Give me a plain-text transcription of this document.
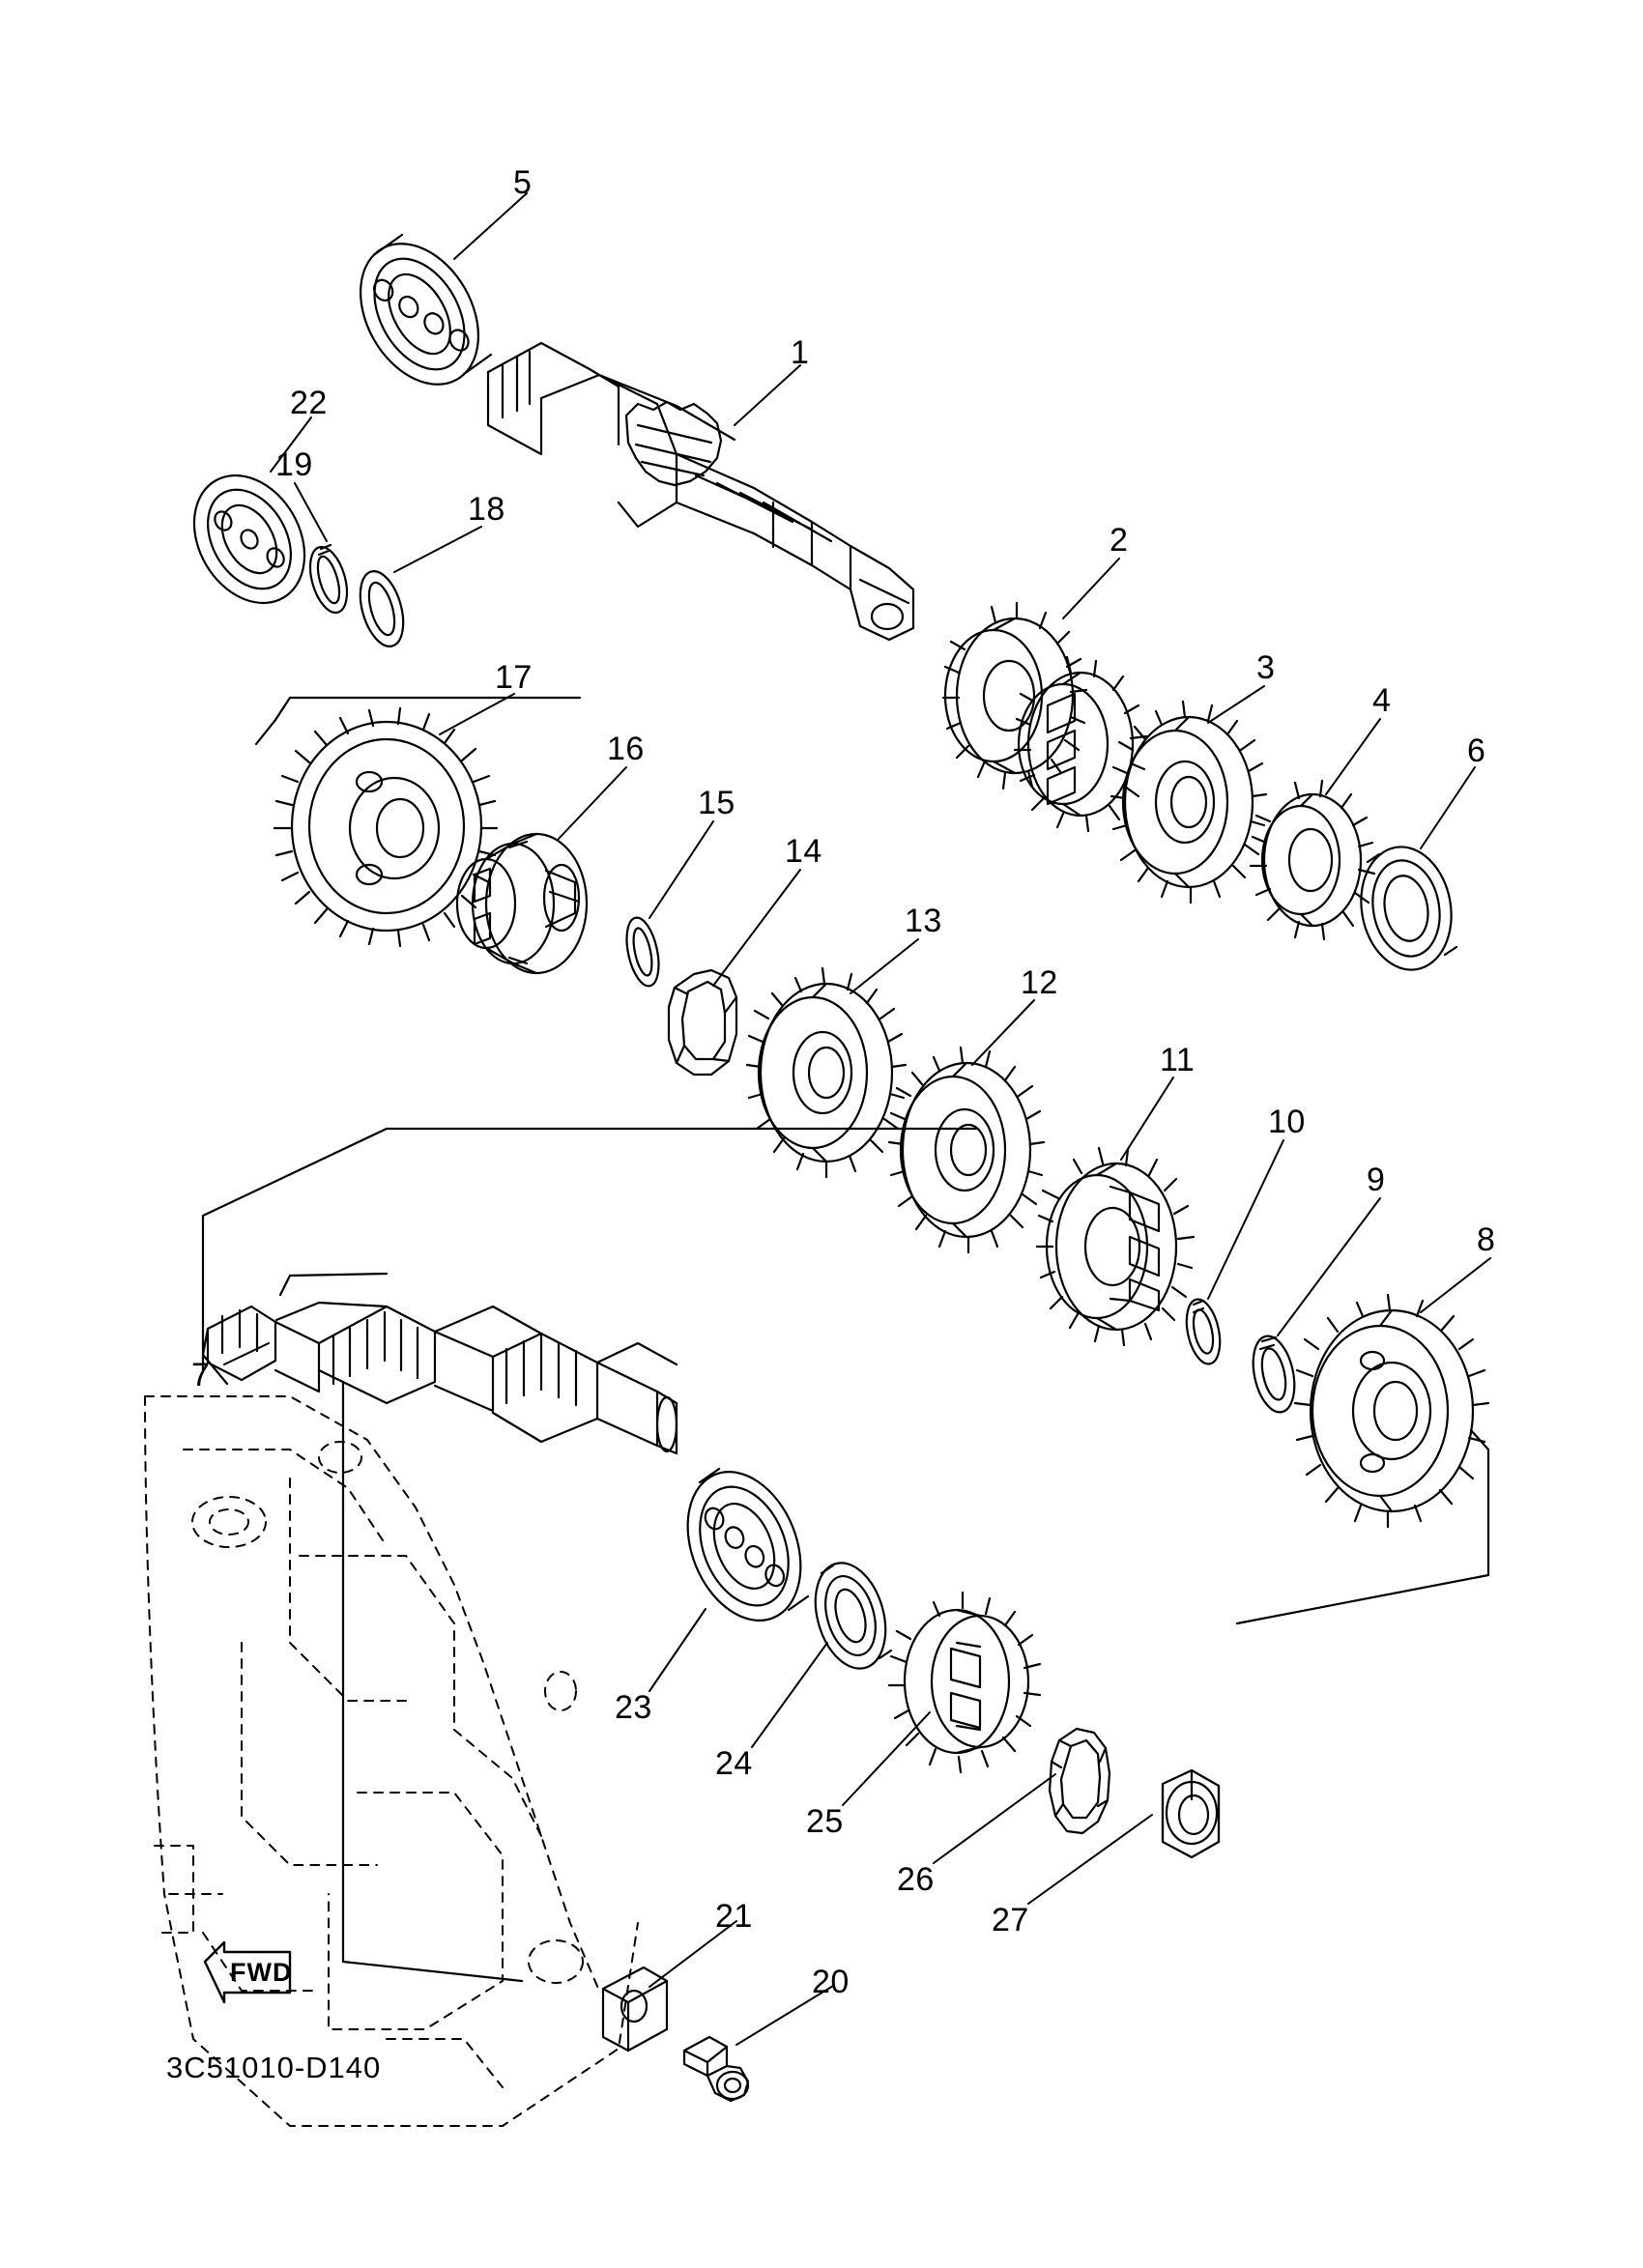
5
1
22
19
18
2
3
17
4
6
16
15
14
13
12
11
10
9
8
7
23
24
25
26
27
21
20
FWD
3C51010-D140
